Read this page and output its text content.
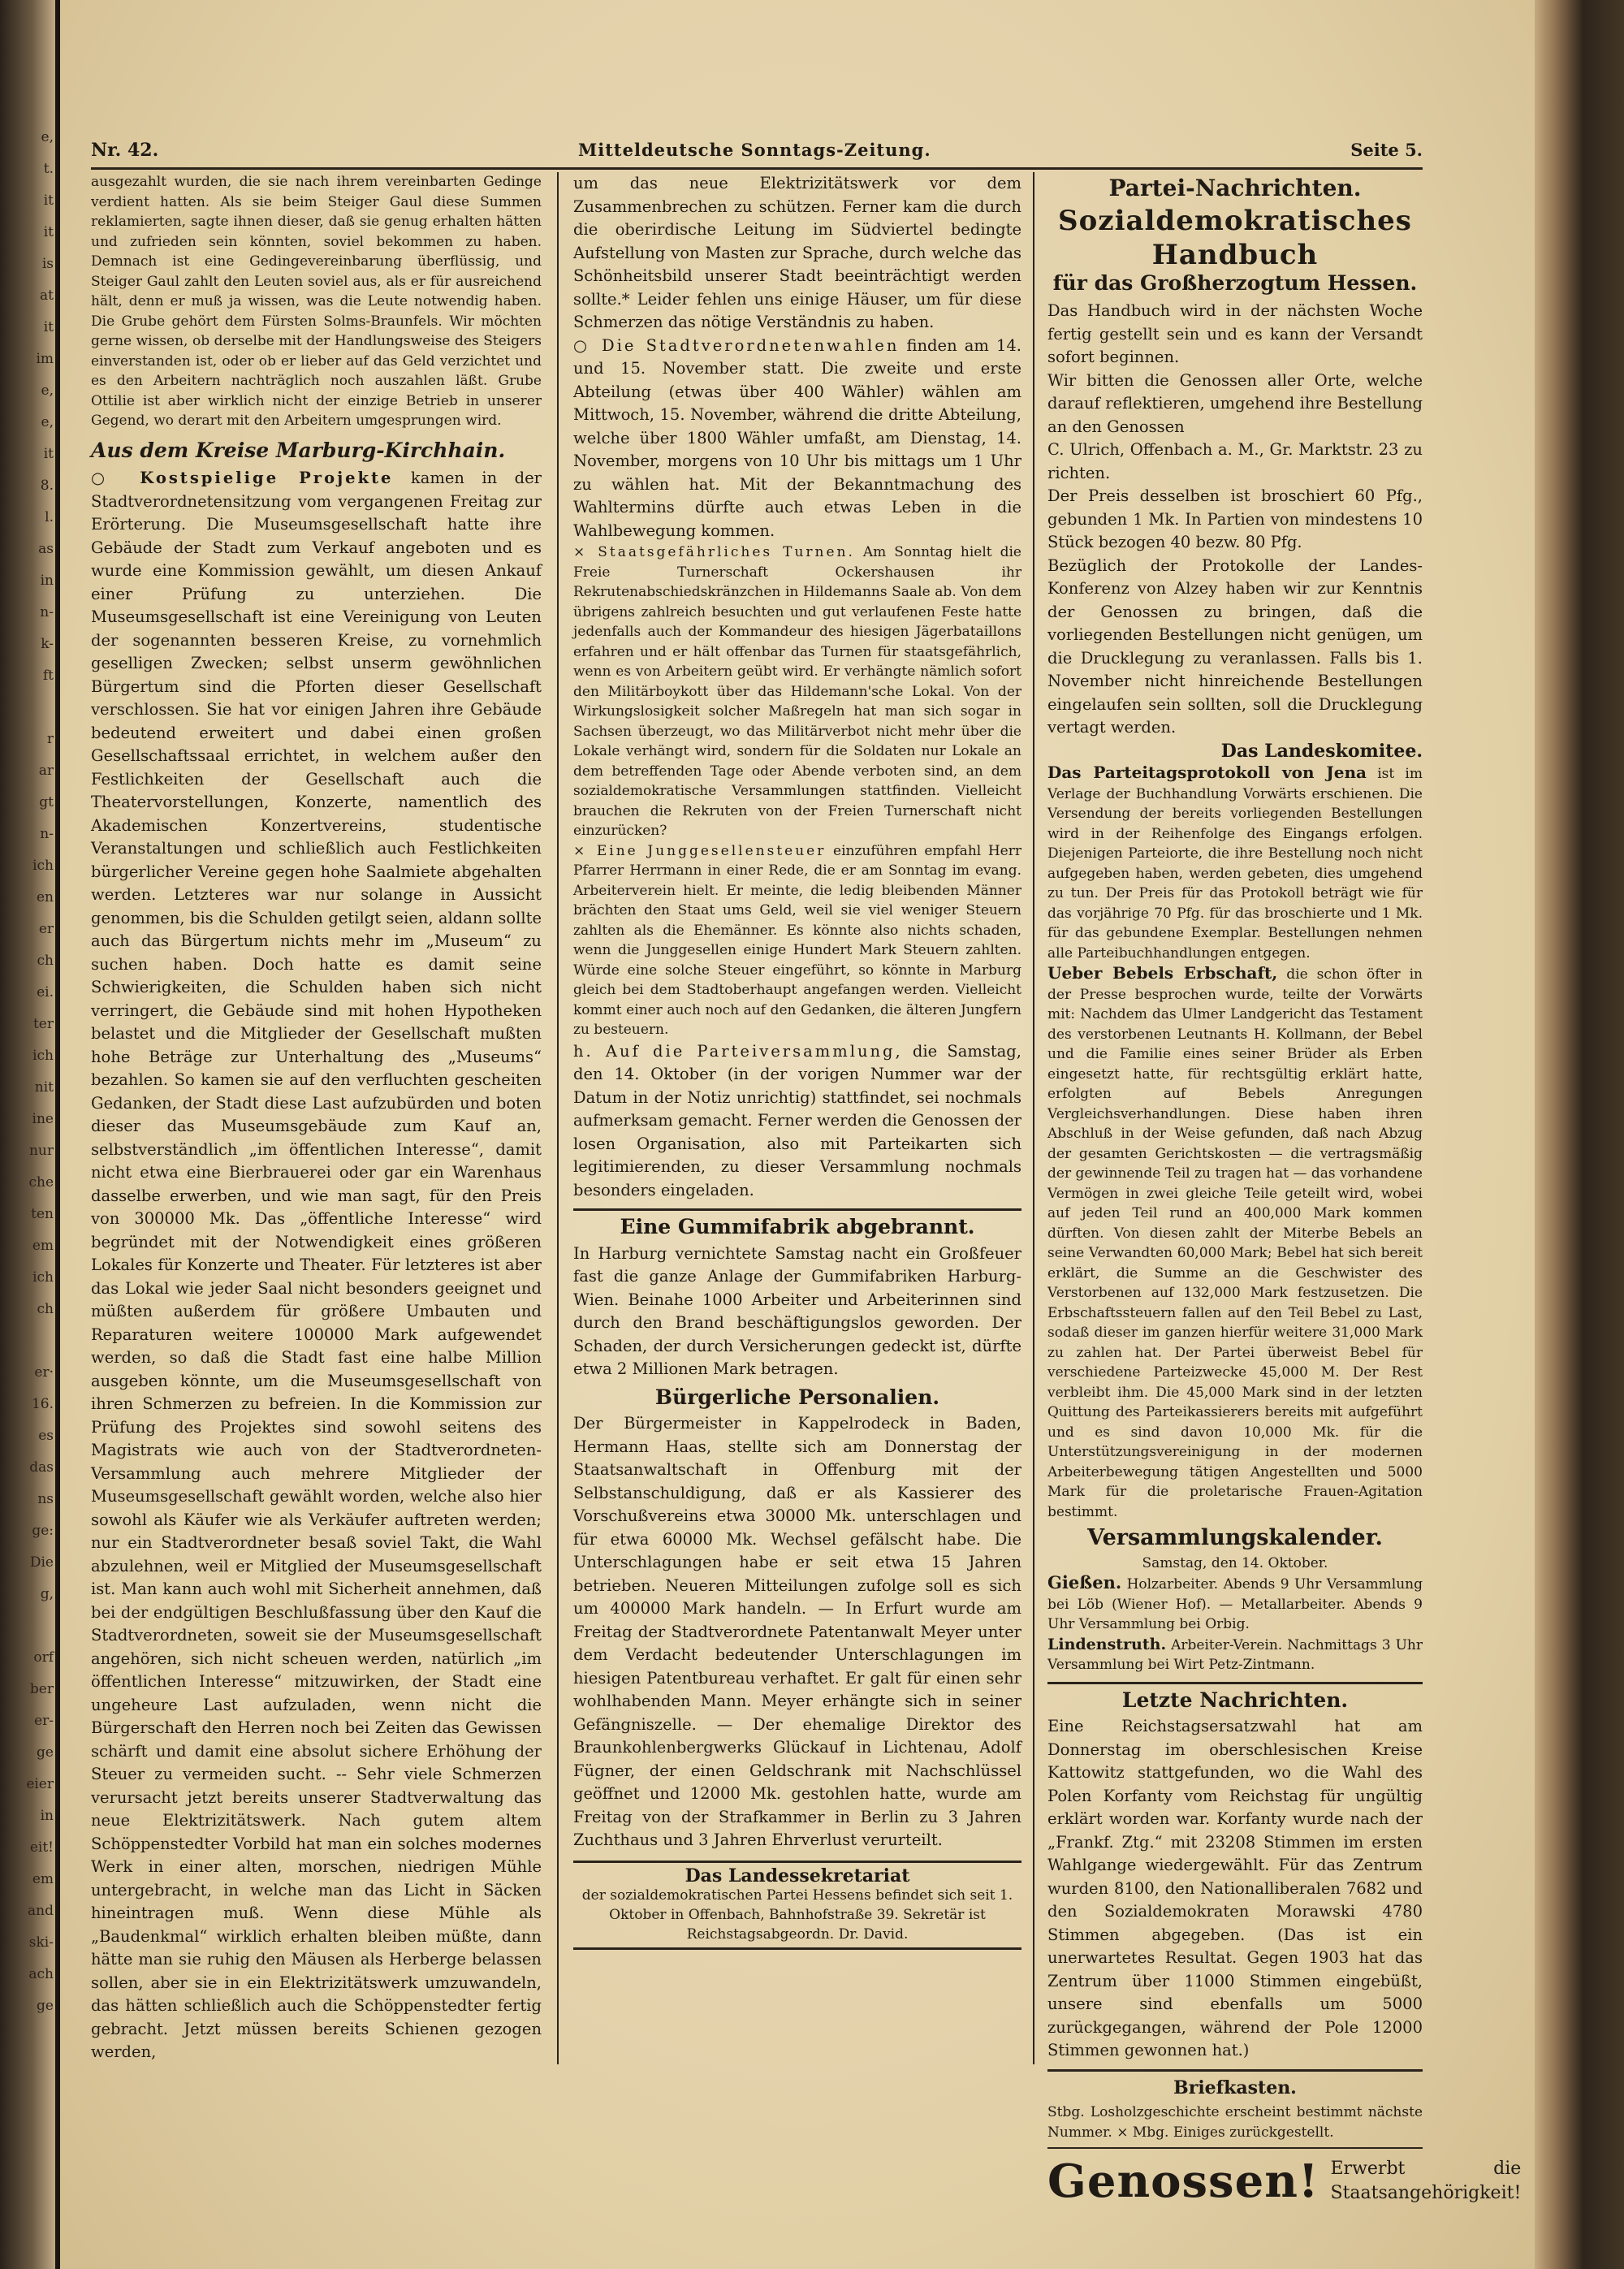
e,
t.
it
it
is
at
it
im
e,
e,
it
8.
l.
as
in
n-
k-
ft

r
ar
gt
n-
ich
en
er
ch
ei.
ter
ich
nit
ine
nur
che
ten
em
ich
ch

er·
16.
es
das
ns
ge:
Die
g,

orf
ber
er-
ge
eier
in
eit!
em
and
ski-
ach
ge
Nr. 42.	Mitteldeutsche Sonntags-Zeitung.	Seite 5.

ausgezahlt wurden, die sie nach ihrem vereinbarten Gedinge verdient hatten. Als sie beim Steiger Gaul diese Summen reklamierten, sagte ihnen dieser, daß sie genug erhalten hätten und zufrieden sein könnten, soviel bekommen zu haben. Demnach ist eine Gedingevereinbarung überflüssig, und Steiger Gaul zahlt den Leuten soviel aus, als er für ausreichend hält, denn er muß ja wissen, was die Leute notwendig haben. Die Grube gehört dem Fürsten Solms-Braunfels. Wir möchten gerne wissen, ob derselbe mit der Handlungsweise des Steigers einverstanden ist, oder ob er lieber auf das Geld verzichtet und es den Arbeitern nachträglich noch auszahlen läßt. Grube Ottilie ist aber wirklich nicht der einzige Betrieb in unserer Gegend, wo derart mit den Arbeitern umgesprungen wird.

Aus dem Kreise Marburg-Kirchhain.

○ Kostspielige Projekte kamen in der Stadtverordnetensitzung vom vergangenen Freitag zur Erörterung. Die Museumsgesellschaft hatte ihre Gebäude der Stadt zum Verkauf angeboten und es wurde eine Kommission gewählt, um diesen Ankauf einer Prüfung zu unterziehen. Die Museumsgesellschaft ist eine Vereinigung von Leuten der sogenannten besseren Kreise, zu vornehmlich geselligen Zwecken; selbst unserm gewöhnlichen Bürgertum sind die Pforten dieser Gesellschaft verschlossen. Sie hat vor einigen Jahren ihre Gebäude bedeutend erweitert und dabei einen großen Gesellschaftssaal errichtet, in welchem außer den Festlichkeiten der Gesellschaft auch die Theatervorstellungen, Konzerte, namentlich des Akademischen Konzertvereins, studentische Veranstaltungen und schließlich auch Festlichkeiten bürgerlicher Vereine gegen hohe Saalmiete abgehalten werden. Letzteres war nur solange in Aussicht genommen, bis die Schulden getilgt seien, aldann sollte auch das Bürgertum nichts mehr im „Museum“ zu suchen haben. Doch hatte es damit seine Schwierigkeiten, die Schulden haben sich nicht verringert, die Gebäude sind mit hohen Hypotheken belastet und die Mitglieder der Gesellschaft mußten hohe Beträge zur Unterhaltung des „Museums“ bezahlen. So kamen sie auf den verfluchten gescheiten Gedanken, der Stadt diese Last aufzubürden und boten dieser das Museumsgebäude zum Kauf an, selbstverständlich „im öffentlichen Interesse“, damit nicht etwa eine Bierbrauerei oder gar ein Warenhaus dasselbe erwerben, und wie man sagt, für den Preis von 300000 Mk. Das „öffentliche Interesse“ wird begründet mit der Notwendigkeit eines größeren Lokales für Konzerte und Theater. Für letzteres ist aber das Lokal wie jeder Saal nicht besonders geeignet und müßten außerdem für größere Umbauten und Reparaturen weitere 100000 Mark aufgewendet werden, so daß die Stadt fast eine halbe Million ausgeben könnte, um die Museumsgesellschaft von ihren Schmerzen zu befreien. In die Kommission zur Prüfung des Projektes sind sowohl seitens des Magistrats wie auch von der Stadtverordneten-Versammlung auch mehrere Mitglieder der Museumsgesellschaft gewählt worden, welche also hier sowohl als Käufer wie als Verkäufer auftreten werden; nur ein Stadtverordneter besaß soviel Takt, die Wahl abzulehnen, weil er Mitglied der Museumsgesellschaft ist. Man kann auch wohl mit Sicherheit annehmen, daß bei der endgültigen Beschlußfassung über den Kauf die Stadtverordneten, soweit sie der Museumsgesellschaft angehören, sich nicht scheuen werden, natürlich „im öffentlichen Interesse“ mitzuwirken, der Stadt eine ungeheure Last aufzuladen, wenn nicht die Bürgerschaft den Herren noch bei Zeiten das Gewissen schärft und damit eine absolut sichere Erhöhung der Steuer zu vermeiden sucht. -- Sehr viele Schmerzen verursacht jetzt bereits unserer Stadtverwaltung das neue Elektrizitätswerk. Nach gutem altem Schöppenstedter Vorbild hat man ein solches modernes Werk in einer alten, morschen, niedrigen Mühle untergebracht, in welche man das Licht in Säcken hineintragen muß. Wenn diese Mühle als „Baudenkmal“ wirklich erhalten bleiben müßte, dann hätte man sie ruhig den Mäusen als Herberge belassen sollen, aber sie in ein Elektrizitätswerk umzuwandeln, das hätten schließlich auch die Schöppenstedter fertig gebracht. Jetzt müssen bereits Schienen gezogen werden,

um das neue Elektrizitätswerk vor dem Zusammenbrechen zu schützen. Ferner kam die durch die oberirdische Leitung im Südviertel bedingte Aufstellung von Masten zur Sprache, durch welche das Schönheitsbild unserer Stadt beeinträchtigt werden sollte.* Leider fehlen uns einige Häuser, um für diese Schmerzen das nötige Verständnis zu haben.

○ Die Stadtverordnetenwahlen finden am 14. und 15. November statt. Die zweite und erste Abteilung (etwas über 400 Wähler) wählen am Mittwoch, 15. November, während die dritte Abteilung, welche über 1800 Wähler umfaßt, am Dienstag, 14. November, morgens von 10 Uhr bis mittags um 1 Uhr zu wählen hat. Mit der Bekanntmachung des Wahltermins dürfte auch etwas Leben in die Wahlbewegung kommen.

× Staatsgefährliches Turnen. Am Sonntag hielt die Freie Turnerschaft Ockershausen ihr Rekrutenabschiedskränzchen in Hildemanns Saale ab. Von dem übrigens zahlreich besuchten und gut verlaufenen Feste hatte jedenfalls auch der Kommandeur des hiesigen Jägerbataillons erfahren und er hält offenbar das Turnen für staatsgefährlich, wenn es von Arbeitern geübt wird. Er verhängte nämlich sofort den Militärboykott über das Hildemann'sche Lokal. Von der Wirkungslosigkeit solcher Maßregeln hat man sich sogar in Sachsen überzeugt, wo das Militärverbot nicht mehr über die Lokale verhängt wird, sondern für die Soldaten nur Lokale an dem betreffenden Tage oder Abende verboten sind, an dem sozialdemokratische Versammlungen stattfinden. Vielleicht brauchen die Rekruten von der Freien Turnerschaft nicht einzurücken?

× Eine Junggesellensteuer einzuführen empfahl Herr Pfarrer Herrmann in einer Rede, die er am Sonntag im evang. Arbeiterverein hielt. Er meinte, die ledig bleibenden Männer brächten den Staat ums Geld, weil sie viel weniger Steuern zahlten als die Ehemänner. Es könnte also nichts schaden, wenn die Junggesellen einige Hundert Mark Steuern zahlten. Würde eine solche Steuer eingeführt, so könnte in Marburg gleich bei dem Stadtoberhaupt angefangen werden. Vielleicht kommt einer auch noch auf den Gedanken, die älteren Jungfern zu besteuern.

h. Auf die Parteiversammlung, die Samstag, den 14. Oktober (in der vorigen Nummer war der Datum in der Notiz unrichtig) stattfindet, sei nochmals aufmerksam gemacht. Ferner werden die Genossen der losen Organisation, also mit Parteikarten sich legitimierenden, zu dieser Versammlung nochmals besonders eingeladen.

Eine Gummifabrik abgebrannt.

In Harburg vernichtete Samstag nacht ein Großfeuer fast die ganze Anlage der Gummifabriken Harburg-Wien. Beinahe 1000 Arbeiter und Arbeiterinnen sind durch den Brand beschäftigungslos geworden. Der Schaden, der durch Versicherungen gedeckt ist, dürfte etwa 2 Millionen Mark betragen.

Bürgerliche Personalien.

Der Bürgermeister in Kappelrodeck in Baden, Hermann Haas, stellte sich am Donnerstag der Staatsanwaltschaft in Offenburg mit der Selbstanschuldigung, daß er als Kassierer des Vorschußvereins etwa 30000 Mk. unterschlagen und für etwa 60000 Mk. Wechsel gefälscht habe. Die Unterschlagungen habe er seit etwa 15 Jahren betrieben. Neueren Mitteilungen zufolge soll es sich um 400000 Mark handeln. — In Erfurt wurde am Freitag der Stadtverordnete Patentanwalt Meyer unter dem Verdacht bedeutender Unterschlagungen im hiesigen Patentbureau verhaftet. Er galt für einen sehr wohlhabenden Mann. Meyer erhängte sich in seiner Gefängniszelle. — Der ehemalige Direktor des Braunkohlenbergwerks Glückauf in Lichtenau, Adolf Fügner, der einen Geldschrank mit Nachschlüssel geöffnet und 12000 Mk. gestohlen hatte, wurde am Freitag von der Strafkammer in Berlin zu 3 Jahren Zuchthaus und 3 Jahren Ehrverlust verurteilt.

Das Landessekretariat
der sozialdemokratischen Partei Hessens befindet sich seit 1. Oktober in Offenbach, Bahnhofstraße 39. Sekretär ist Reichstagsabgeordn. Dr. David.
Partei-Nachrichten.
Sozialdemokratisches Handbuch
für das Großherzogtum Hessen.

Das Handbuch wird in der nächsten Woche fertig gestellt sein und es kann der Versandt sofort beginnen.

Wir bitten die Genossen aller Orte, welche darauf reflektieren, umgehend ihre Bestellung an den Genossen

C. Ulrich, Offenbach a. M., Gr. Marktstr. 23 zu richten.

Der Preis desselben ist broschiert 60 Pfg., gebunden 1 Mk. In Partien von mindestens 10 Stück bezogen 40 bezw. 80 Pfg.

Bezüglich der Protokolle der Landes-Konferenz von Alzey haben wir zur Kenntnis der Genossen zu bringen, daß die vorliegenden Bestellungen nicht genügen, um die Drucklegung zu veranlassen. Falls bis 1. November nicht hinreichende Bestellungen eingelaufen sein sollten, soll die Drucklegung vertagt werden.

Das Landeskomitee.

Das Parteitagsprotokoll von Jena ist im Verlage der Buchhandlung Vorwärts erschienen. Die Versendung der bereits vorliegenden Bestellungen wird in der Reihenfolge des Eingangs erfolgen. Diejenigen Parteiorte, die ihre Bestellung noch nicht aufgegeben haben, werden gebeten, dies umgehend zu tun. Der Preis für das Protokoll beträgt wie für das vorjährige 70 Pfg. für das broschierte und 1 Mk. für das gebundene Exemplar. Bestellungen nehmen alle Parteibuchhandlungen entgegen.

Ueber Bebels Erbschaft, die schon öfter in der Presse besprochen wurde, teilte der Vorwärts mit: Nachdem das Ulmer Landgericht das Testament des verstorbenen Leutnants H. Kollmann, der Bebel und die Familie eines seiner Brüder als Erben eingesetzt hatte, für rechtsgültig erklärt hatte, erfolgten auf Bebels Anregungen Vergleichsverhandlungen. Diese haben ihren Abschluß in der Weise gefunden, daß nach Abzug der gesamten Gerichtskosten — die vertragsmäßig der gewinnende Teil zu tragen hat — das vorhandene Vermögen in zwei gleiche Teile geteilt wird, wobei auf jeden Teil rund an 400,000 Mark kommen dürften. Von diesen zahlt der Miterbe Bebels an seine Verwandten 60,000 Mark; Bebel hat sich bereit erklärt, die Summe an die Geschwister des Verstorbenen auf 132,000 Mark festzusetzen. Die Erbschaftssteuern fallen auf den Teil Bebel zu Last, sodaß dieser im ganzen hierfür weitere 31,000 Mark zu zahlen hat. Der Partei überweist Bebel für verschiedene Parteizwecke 45,000 M. Der Rest verbleibt ihm. Die 45,000 Mark sind in der letzten Quittung des Parteikassierers bereits mit aufgeführt und es sind davon 10,000 Mk. für die Unterstützungsvereinigung in der modernen Arbeiterbewegung tätigen Angestellten und 5000 Mark für die proletarische Frauen-Agitation bestimmt.

Versammlungskalender.
Samstag, den 14. Oktober.

Gießen. Holzarbeiter. Abends 9 Uhr Versammlung bei Löb (Wiener Hof). — Metallarbeiter. Abends 9 Uhr Versammlung bei Orbig.

Lindenstruth. Arbeiter-Verein. Nachmittags 3 Uhr Versammlung bei Wirt Petz-Zintmann.

Letzte Nachrichten.

Eine Reichstagsersatzwahl hat am Donnerstag im oberschlesischen Kreise Kattowitz stattgefunden, wo die Wahl des Polen Korfanty vom Reichstag für ungültig erklärt worden war. Korfanty wurde nach der „Frankf. Ztg.“ mit 23208 Stimmen im ersten Wahlgange wiedergewählt. Für das Zentrum wurden 8100, den Nationalliberalen 7682 und den Sozialdemokraten Morawski 4780 Stimmen abgegeben. (Das ist ein unerwartetes Resultat. Gegen 1903 hat das Zentrum über 11000 Stimmen eingebüßt, unsere sind ebenfalls um 5000 zurückgegangen, während der Pole 12000 Stimmen gewonnen hat.)

Briefkasten.

Stbg. Losholzgeschichte erscheint bestimmt nächste Nummer. × Mbg. Einiges zurückgestellt.

Genossen! Erwerbt die Staatsangehörigkeit!
